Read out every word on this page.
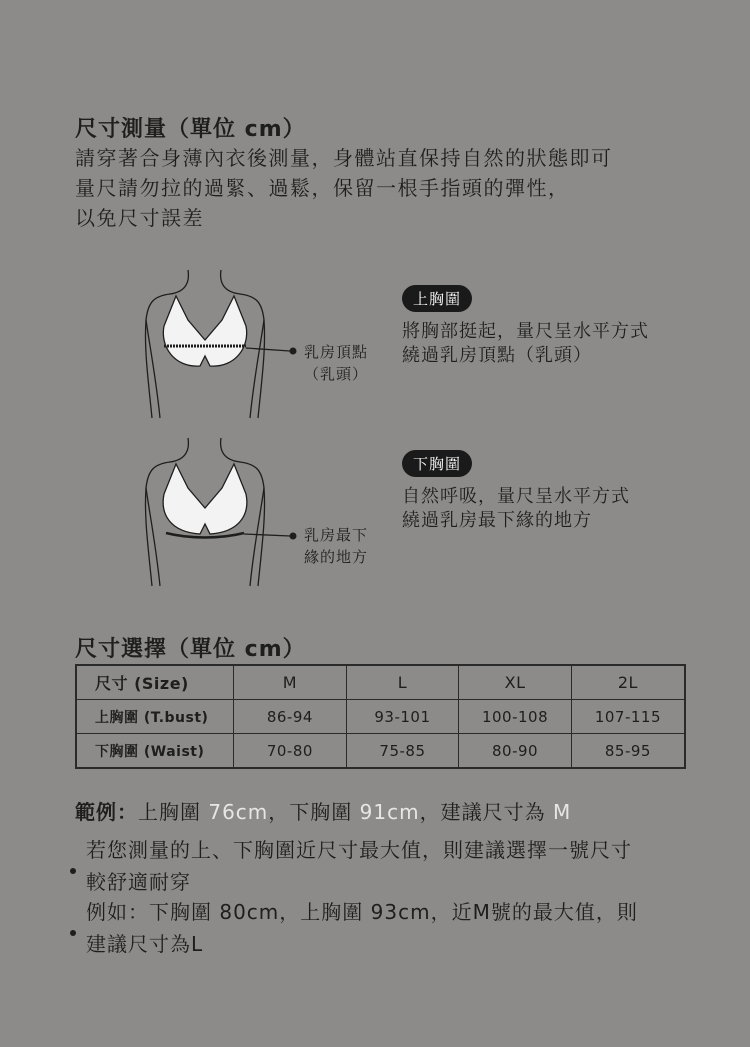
尺寸測量（單位 cm）
請穿著合身薄內衣後測量，身體站直保持自然的狀態即可
量尺請勿拉的過緊、過鬆，保留一根手指頭的彈性，
以免尺寸誤差
乳房頂點
（乳頭）
上胸圍
將胸部挺起，量尺呈水平方式
繞過乳房頂點（乳頭）
乳房最下
緣的地方
下胸圍
自然呼吸，量尺呈水平方式
繞過乳房最下緣的地方
尺寸選擇（單位 cm）
尺寸 (Size)	M	L	XL	2L
上胸圍 (T.bust)	86-94	93-101	100-108	107-115
下胸圍 (Waist)	70-80	75-85	80-90	85-95
範例：上胸圍 76cm，下胸圍 91cm，建議尺寸為 M
若您測量的上、下胸圍近尺寸最大值，則建議選擇一號尺寸
較舒適耐穿
例如：下胸圍 80cm，上胸圍 93cm，近M號的最大值，則
建議尺寸為L
